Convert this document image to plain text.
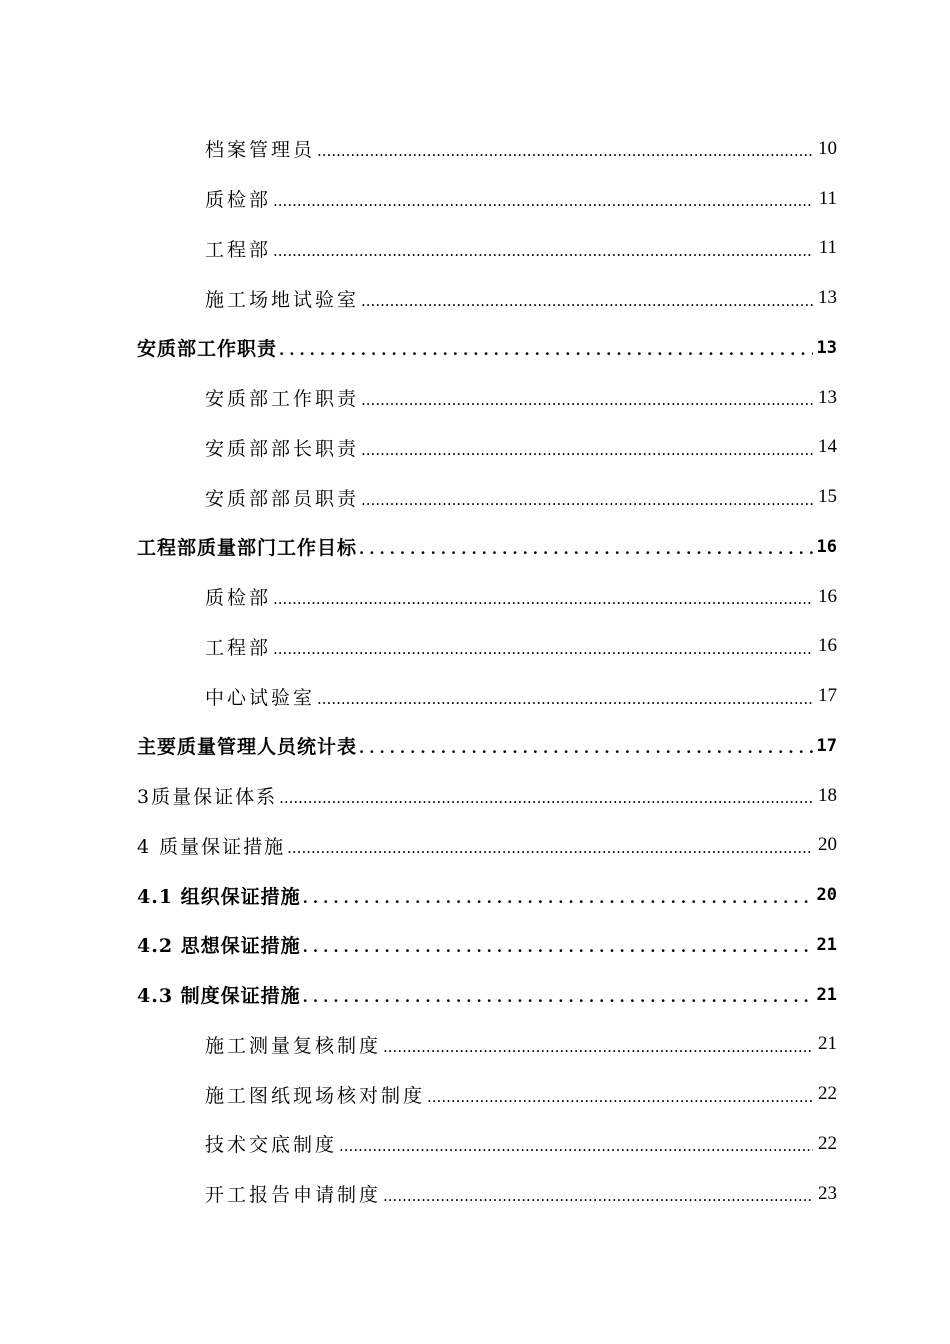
档案管理员 .....	10
质检部 .....	11
工程部 .....	11
施工场地试验室 .....	13
安质部工作职责 .....	13
安质部工作职责 .....	13
安质部部长职责 .....	14
安质部部员职责 .....	15
工程部质量部门工作目标 .....	16
质检部 .....	16
工程部 .....	16
中心试验室 .....	17
主要质量管理人员统计表 .....	17
3质量保证体系 .....	18
4 质量保证措施 .....	20
4.1 组织保证措施 .....	20
4.2 思想保证措施 .....	21
4.3 制度保证措施 .....	21
施工测量复核制度 .....	21
施工图纸现场核对制度 .....	22
技术交底制度 .....	22
开工报告申请制度 .....	23
